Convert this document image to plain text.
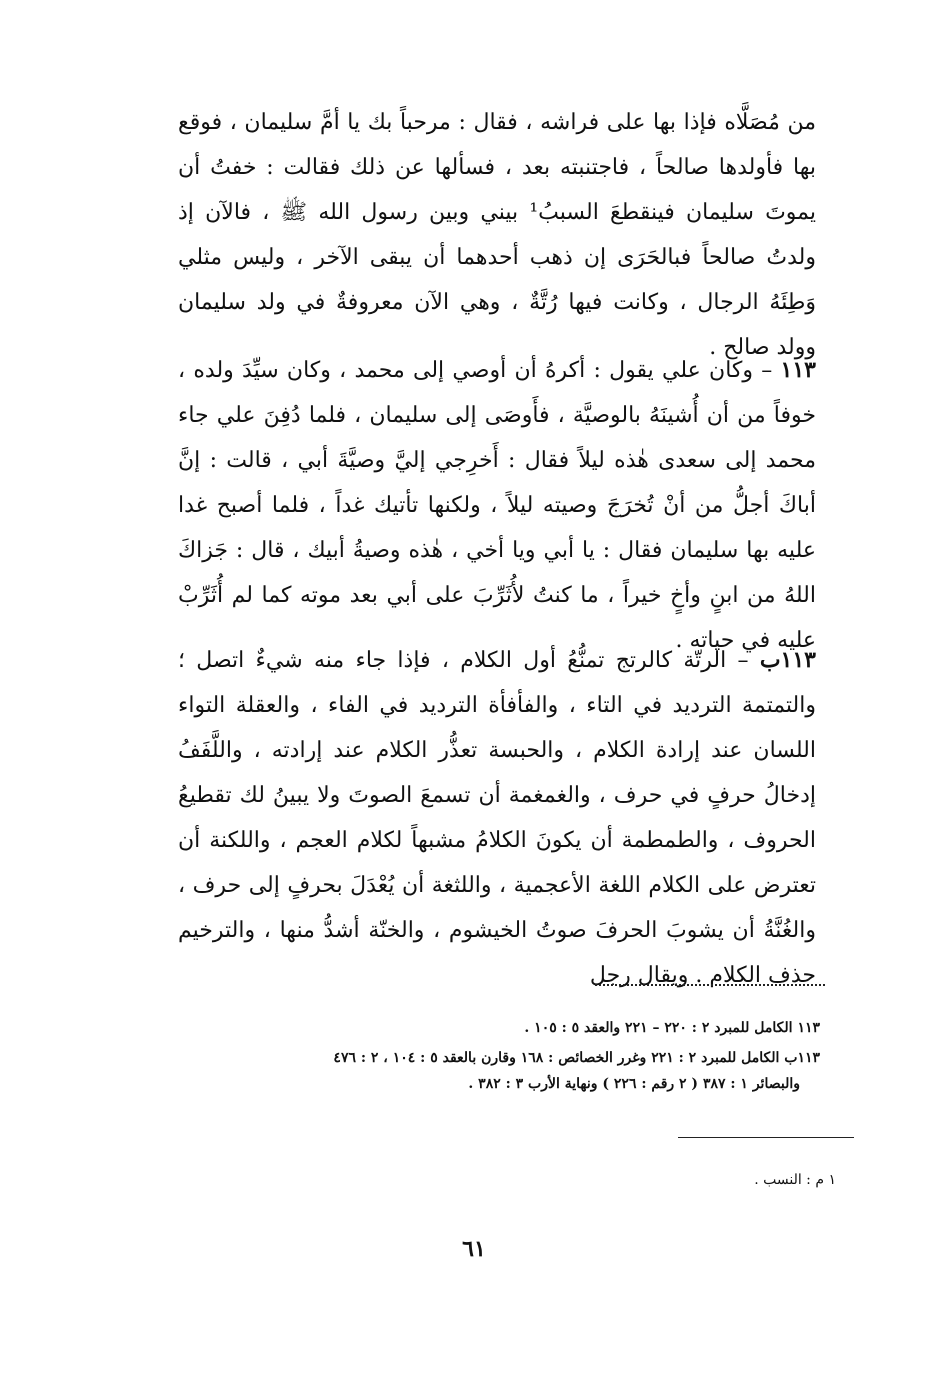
من مُصَلَّاه فإذا بها على فراشه ، فقال : مرحباً بك يا أمَّ سليمان ، فوقع بها فأولدها صالحاً ، فاجتنبته بعد ، فسألها عن ذلك فقالت : خفتُ أن يموتَ سليمان فينقطعَ السببُ¹ بيني وبين رسول الله ﷺ ، فالآن إذ ولدتُ صالحاً فبالحَرَى إن ذهب أحدهما أن يبقى الآخر ، وليس مثلي وَطِئَهُ الرجال ، وكانت فيها رُتَّةٌ ، وهي الآن معروفةٌ في ولد سليمان وولد صالح .

١١٣ – وكان علي يقول : أكرهُ أن أوصي إلى محمد ، وكان سيِّدَ ولده ، خوفاً من أن أُشينَهُ بالوصيَّة ، فأَوصَى إلى سليمان ، فلما دُفِنَ علي جاء محمد إلى سعدى هٰذه ليلاً فقال : أَخرِجي إليَّ وصيَّةَ أبي ، قالت : إنَّ أباكَ أجلُّ من أنْ تُخرَجَ وصيته ليلاً ، ولكنها تأتيك غداً ، فلما أصبح غدا عليه بها سليمان فقال : يا أبي ويا أخي ، هٰذه وصيةُ أبيك ، قال : جَزاكَ اللهُ من ابنٍ وأخٍ خيراً ، ما كنتُ لأُثَرِّبَ على أبي بعد موته كما لم أُثَرِّبْ عليه في حياته .

١١٣ب – الرتّة كالرتج تمنُّعُ أول الكلام ، فإذا جاء منه شيءٌ اتصل ؛ والتمتمة الترديد في التاء ، والفأفأة الترديد في الفاء ، والعقلة التواء اللسان عند إرادة الكلام ، والحبسة تعذُّر الكلام عند إرادته ، واللَّفَفُ إدخالُ حرفٍ في حرف ، والغمغمة أن تسمعَ الصوتَ ولا يبينُ لك تقطيعُ الحروف ، والطمطمة أن يكونَ الكلامُ مشبهاً لكلام العجم ، واللكنة أن تعترض على الكلام اللغة الأعجمية ، واللثغة أن يُعْدَلَ بحرفٍ إلى حرف ، والغُنَّةُ أن يشوبَ الحرفَ صوتُ الخيشوم ، والخنّة أشدُّ منها ، والترخيم حذف الكلام . ويقال رجل

١١٣ الكامل للمبرد ٢ : ٢٢٠ – ٢٢١ والعقد ٥ : ١٠٥ .

١١٣ب الكامل للمبرد ٢ : ٢٢١ وغرر الخصائص : ١٦٨ وقارن بالعقد ٥ : ١٠٤ ، ٢ : ٤٧٦

والبصائر ١ : ٣٨٧ ( ٢ رقم : ٢٢٦ ) ونهاية الأرب ٣ : ٣٨٢ .

١ م : النسب .

٦١
